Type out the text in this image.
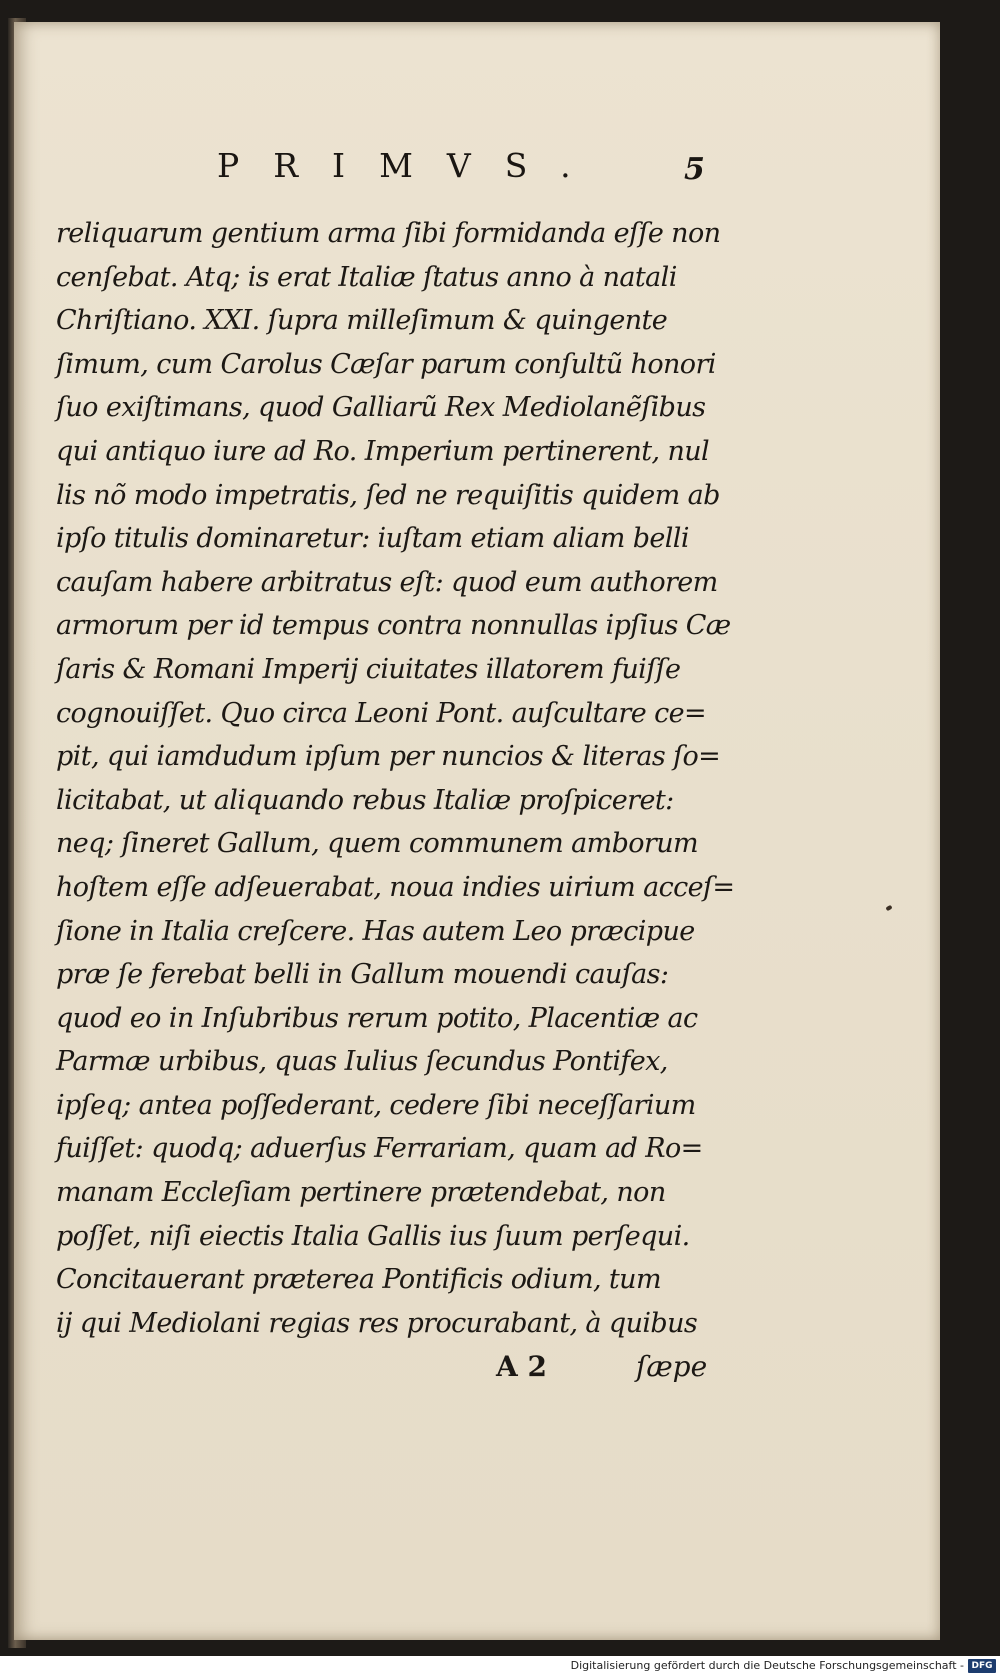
PRIMVS.	5
reliquarum gentium arma ſibi formidanda eſſe non
cenſebat. Atq; is erat Italiæ ſtatus anno à natali
Chriſtiano. XXI. ſupra milleſimum & quingente
ſimum, cum Carolus Cæſar parum conſultũ honori
ſuo exiſtimans, quod Galliarũ Rex Mediolanẽſibus
qui antiquo iure ad Ro. Imperium pertinerent, nul
lis nõ modo impetratis, ſed ne requiſitis quidem ab
ipſo titulis dominaretur: iuſtam etiam aliam belli
cauſam habere arbitratus eſt: quod eum authorem
armorum per id tempus contra nonnullas ipſius Cæ
ſaris & Romani Imperij ciuitates illatorem fuiſſe
cognouiſſet. Quo circa Leoni Pont. auſcultare ce=
pit, qui iamdudum ipſum per nuncios & literas ſo=
licitabat, ut aliquando rebus Italiæ proſpiceret:
neq; ſineret Gallum, quem communem amborum
hoſtem eſſe adſeuerabat, noua indies uirium acceſ=
ſione in Italia creſcere. Has autem Leo præcipue
præ ſe ferebat belli in Gallum mouendi cauſas:
quod eo in Inſubribus rerum potito, Placentiæ ac
Parmæ urbibus, quas Iulius ſecundus Pontifex,
ipſeq; antea poſſederant, cedere ſibi neceſſarium
fuiſſet: quodq; aduerſus Ferrariam, quam ad Ro=
manam Eccleſiam pertinere prætendebat, non
poſſet, niſi eiectis Italia Gallis ius ſuum perſequi.
Concitauerant præterea Pontificis odium, tum
ij qui Mediolani regias res procurabant, à quibus
A 2	ſæpe
Digitalisierung gefördert durch die Deutsche Forschungsgemeinschaft - DFG
